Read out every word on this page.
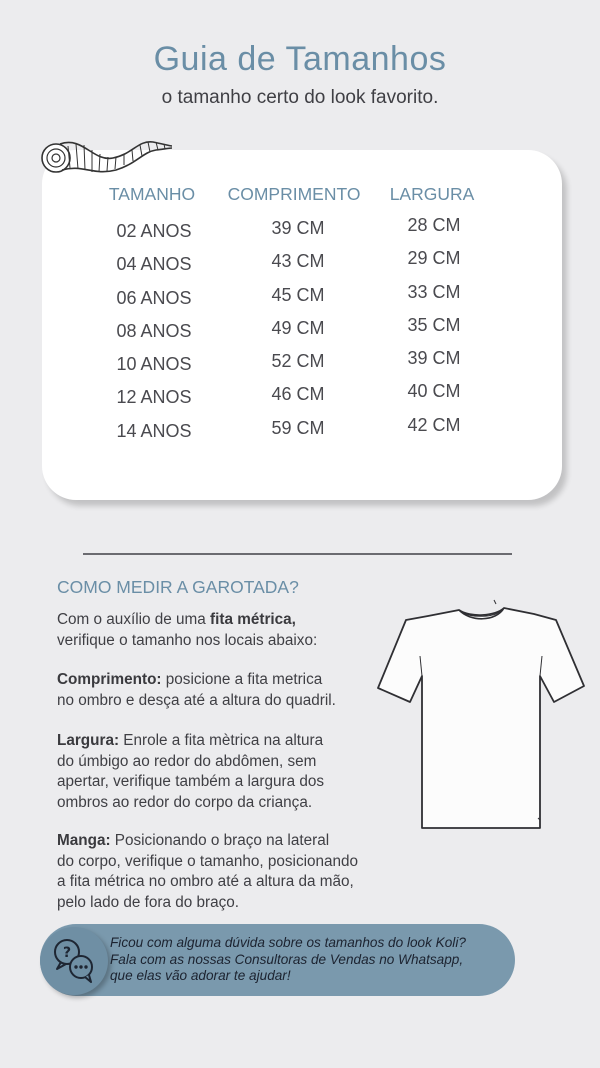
Guia de Tamanhos
o tamanho certo do look favorito.
TAMANHO	COMPRIMENTO	LARGURA
02 ANOS	39 CM	28 CM
04 ANOS	43 CM	29 CM
06 ANOS	45 CM	33 CM
08 ANOS	49 CM	35 CM
10 ANOS	52 CM	39 CM
12 ANOS	46 CM	40 CM
14 ANOS	59 CM	42 CM
COMO MEDIR A GAROTADA?
Com o auxílio de uma fita métrica,
verifique o tamanho nos locais abaixo:
Comprimento: posicione a fita metrica
no ombro e desça até a altura do quadril.
Largura: Enrole a fita mètrica na altura
do úmbigo ao redor do abdômen, sem
apertar, verifique também a largura dos
ombros ao redor do corpo da criança.
Manga: Posicionando o braço na lateral
do corpo, verifique o tamanho, posicionando
a fita métrica no ombro até a altura da mão,
pelo lado de fora do braço.
?
Ficou com alguma dúvida sobre os tamanhos do look Koli?
Fala com as nossas Consultoras de Vendas no Whatsapp,
que elas vão adorar te ajudar!
